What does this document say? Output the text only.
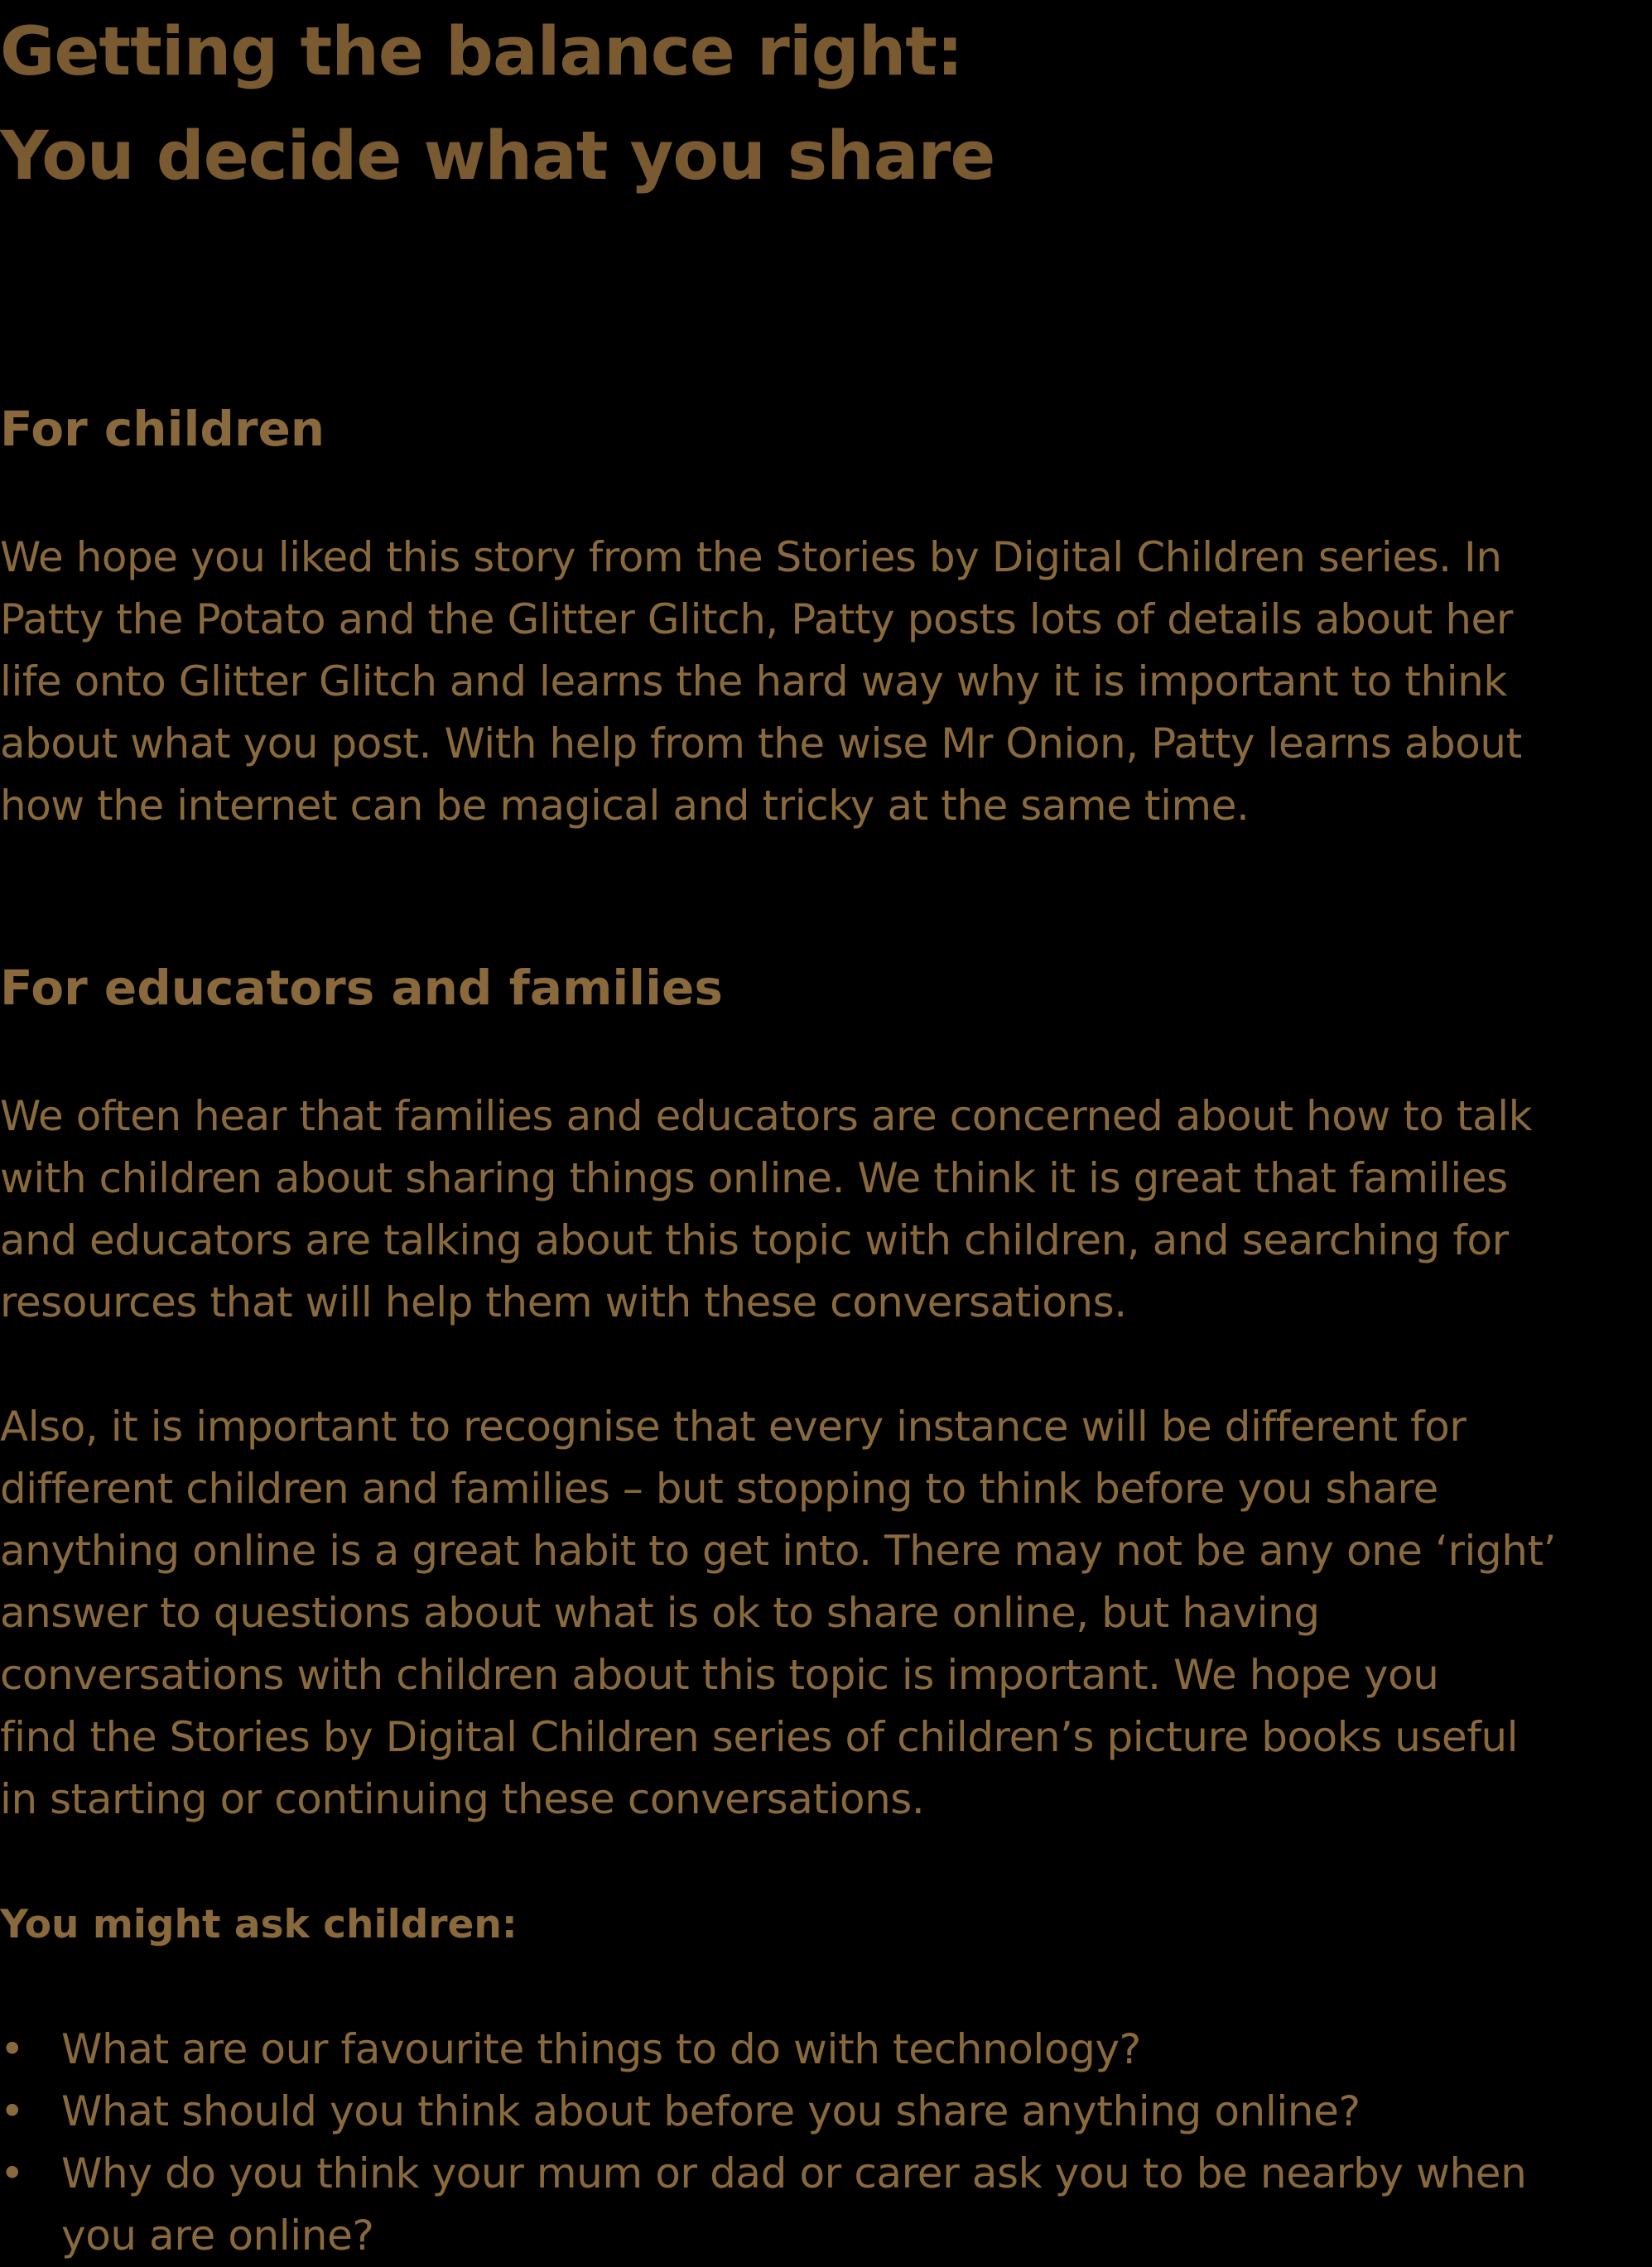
Getting the balance right:
You decide what you share
For children

We hope you liked this story from the Stories by Digital Children series. In
Patty the Potato and the Glitter Glitch, Patty posts lots of details about her
life onto Glitter Glitch and learns the hard way why it is important to think
about what you post. With help from the wise Mr Onion, Patty learns about
how the internet can be magical and tricky at the same time.

For educators and families

We often hear that families and educators are concerned about how to talk
with children about sharing things online. We think it is great that families
and educators are talking about this topic with children, and searching for
resources that will help them with these conversations.

Also, it is important to recognise that every instance will be different for
different children and families – but stopping to think before you share
anything online is a great habit to get into. There may not be any one ‘right’
answer to questions about what is ok to share online, but having
conversations with children about this topic is important. We hope you
find the Stories by Digital Children series of children’s picture books useful
in starting or continuing these conversations.

You might ask children:
• What are our favourite things to do with technology?
• What should you think about before you share anything online?
• Why do you think your mum or dad or carer ask you to be nearby when
you are online?
